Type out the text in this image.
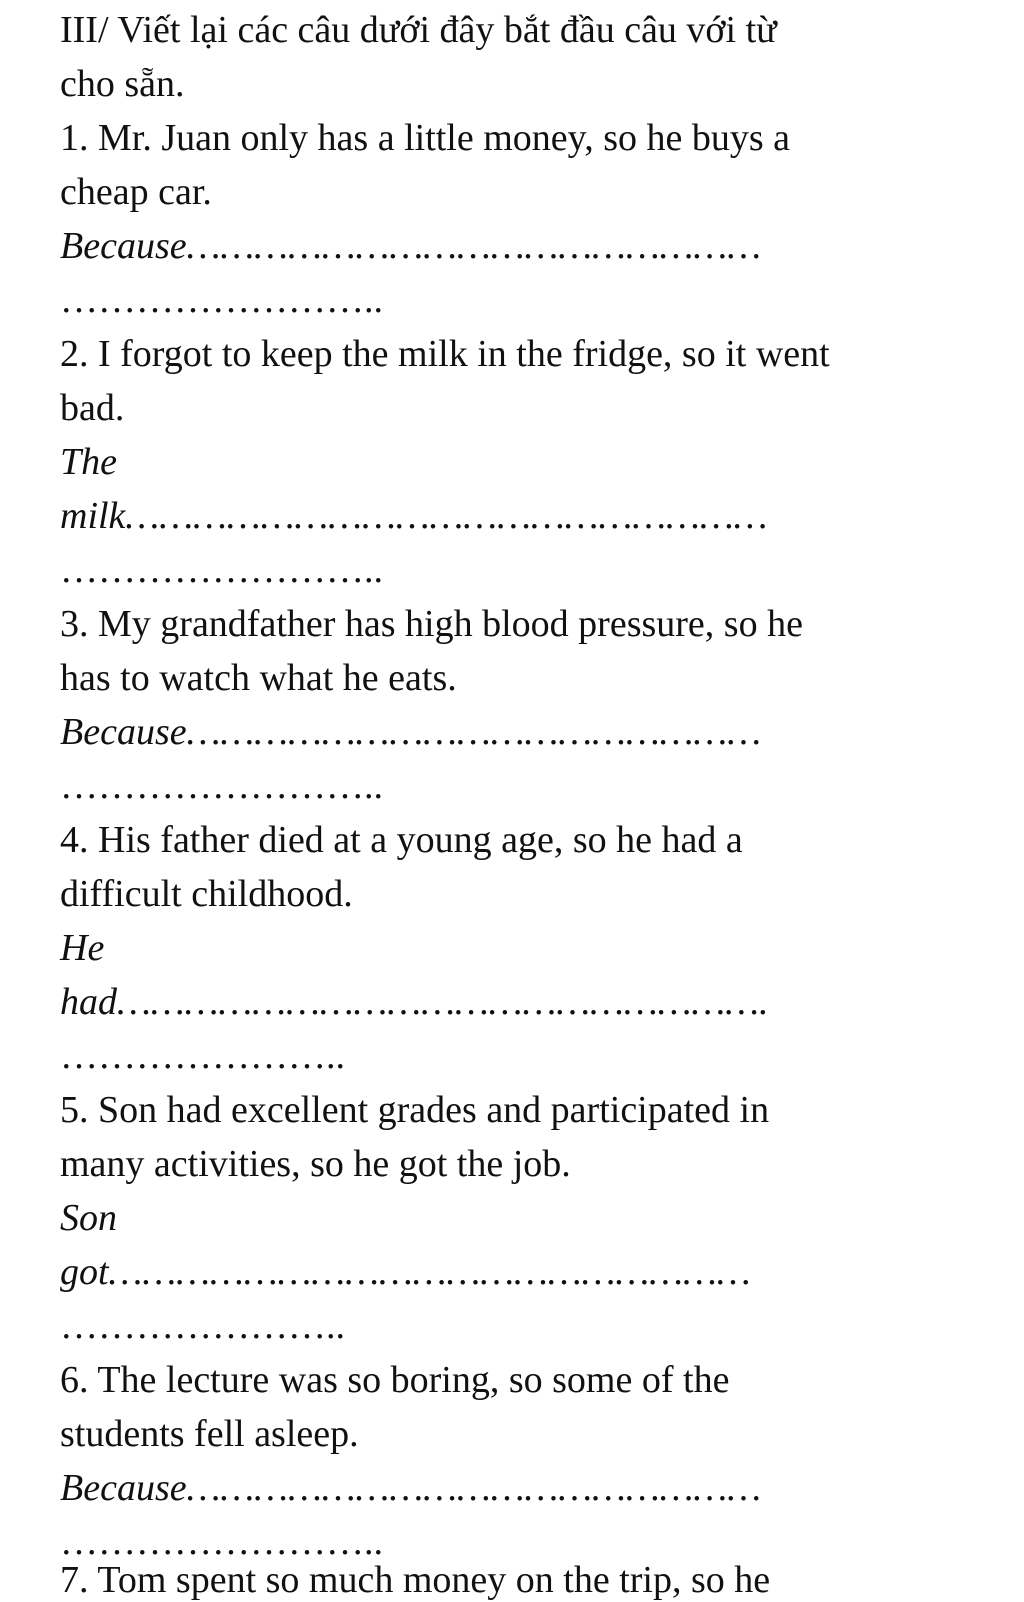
III/ Viết lại các câu dưới đây bắt đầu câu với từ
cho sẵn.
1. Mr. Juan only has a little money, so he buys a
cheap car.
Because……………………………………………
……………………..
2. I forgot to keep the milk in the fridge, so it went
bad.
The
milk…………………………………………………
……………………..
3. My grandfather has high blood pressure, so he
has to watch what he eats.
Because……………………………………………
……………………..
4. His father died at a young age, so he had a
difficult childhood.
He
had………………………………………………….
…………………..
5. Son had excellent grades and participated in
many activities, so he got the job.
Son
got…………………………………………………
…………………..
6. The lecture was so boring, so some of the
students fell asleep.
Because……………………………………………
……………………..
7. Tom spent so much money on the trip, so he
